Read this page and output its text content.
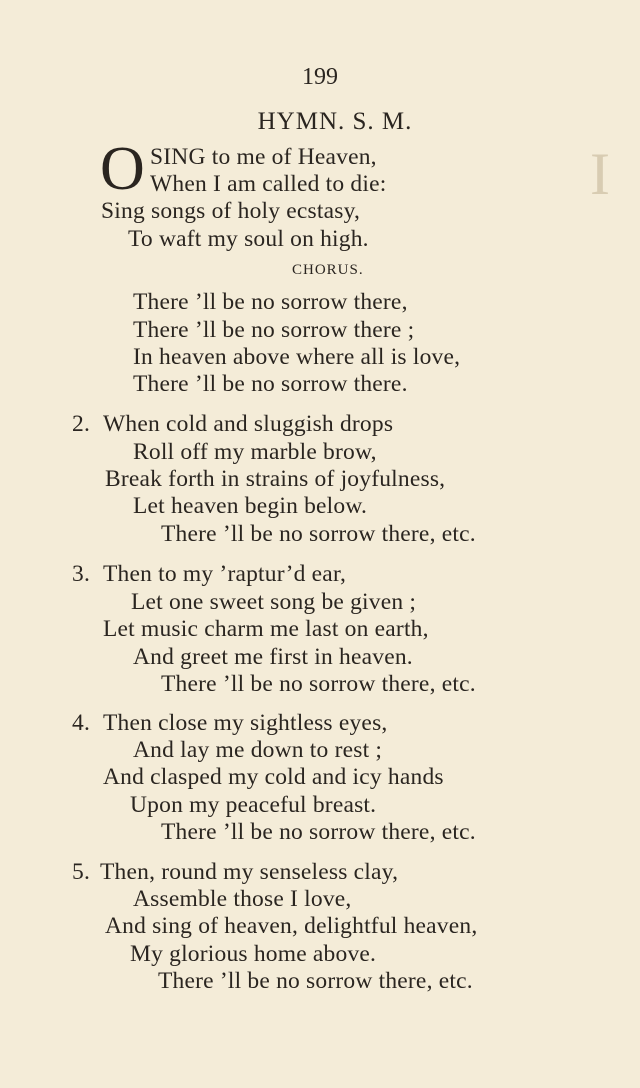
I
199
HYMN. S. M.
O SING to me of Heaven,
When I am called to die:
Sing songs of holy ecstasy,
To waft my soul on high.
CHORUS.
There ’ll be no sorrow there,
There ’ll be no sorrow there ;
In heaven above where all is love,
There ’ll be no sorrow there.
2. When cold and sluggish drops
Roll off my marble brow,
Break forth in strains of joyfulness,
Let heaven begin below.
There ’ll be no sorrow there, etc.
3. Then to my ’raptur’d ear,
Let one sweet song be given ;
Let music charm me last on earth,
And greet me first in heaven.
There ’ll be no sorrow there, etc.
4. Then close my sightless eyes,
And lay me down to rest ;
And clasped my cold and icy hands
Upon my peaceful breast.
There ’ll be no sorrow there, etc.
5. Then, round my senseless clay,
Assemble those I love,
And sing of heaven, delightful heaven,
My glorious home above.
There ’ll be no sorrow there, etc.
